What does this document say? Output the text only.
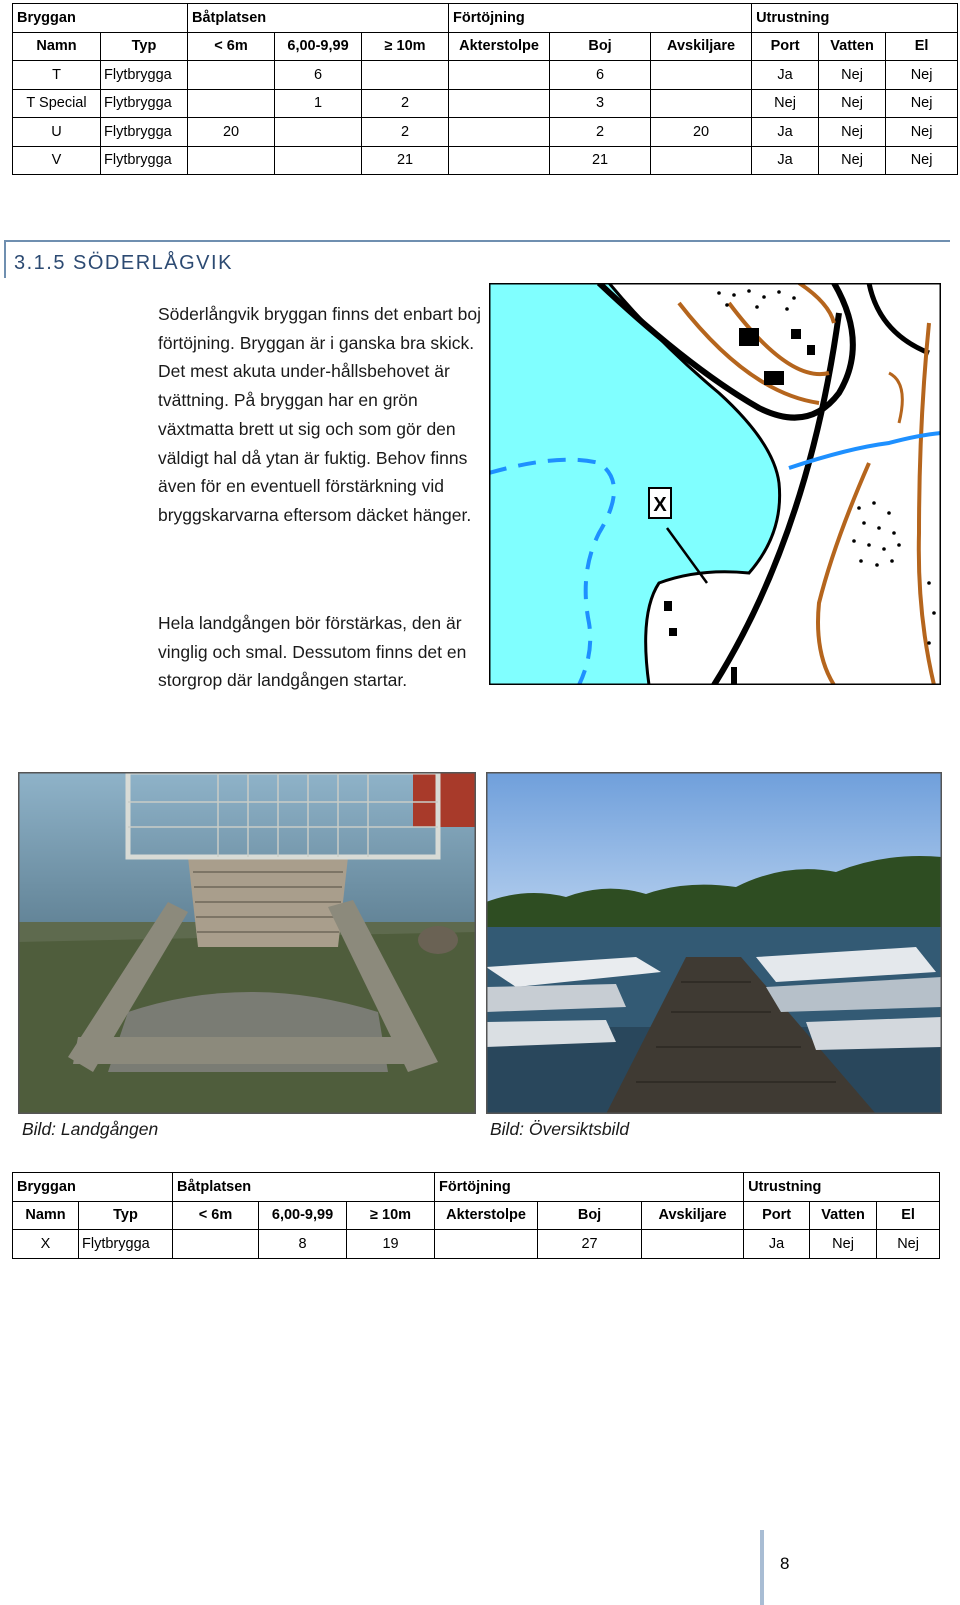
Bryggan		Båtplatsen			Förtöjning			Utrustning		
Namn	Typ	< 6m	6,00-9,99	≥ 10m	Akterstolpe	Boj	Avskiljare	Port	Vatten	El
T	Flytbrygga		6			6		Ja	Nej	Nej
T Special	Flytbrygga		1	2		3		Nej	Nej	Nej
U	Flytbrygga	20		2		2	20	Ja	Nej	Nej
V	Flytbrygga			21		21		Ja	Nej	Nej
3.1.5 SÖDERLÅGVIK
Söderlångvik bryggan finns det enbart boj förtöjning. Bryggan är i ganska bra skick. Det mest akuta under-hållsbehovet är tvättning. På bryggan har en grön växtmatta brett ut sig och som gör den väldigt hal då ytan är fuktig. Behov finns även för en eventuell förstärkning vid bryggskarvarna eftersom däcket hänger.
Hela landgången bör förstärkas, den är vinglig och smal. Dessutom finns det en storgrop där landgången startar.
X
Bild: Landgången	Bild: Översiktsbild
Bryggan		Båtplatsen			Förtöjning			Utrustning		
Namn	Typ	< 6m	6,00-9,99	≥ 10m	Akterstolpe	Boj	Avskiljare	Port	Vatten	El
X	Flytbrygga		8	19		27		Ja	Nej	Nej
8
